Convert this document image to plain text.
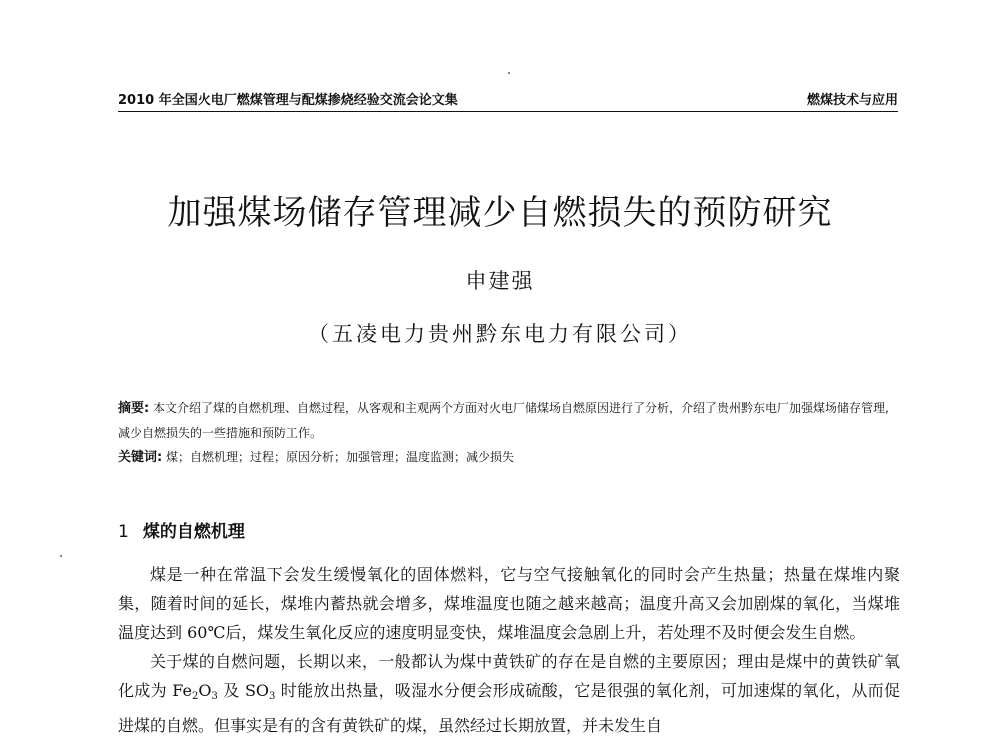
2010 年全国火电厂燃煤管理与配煤掺烧经验交流会论文集	燃煤技术与应用
加强煤场储存管理减少自燃损失的预防研究
申建强
（五凌电力贵州黔东电力有限公司）

摘要: 本文介绍了煤的自燃机理、自燃过程，从客观和主观两个方面对火电厂储煤场自燃原因进行了分析，介绍了贵州黔东电厂加强煤场储存管理,减少自燃损失的一些措施和预防工作。

关键词: 煤；自燃机理；过程；原因分析；加强管理；温度监测；减少损失

1 煤的自燃机理

煤是一种在常温下会发生缓慢氧化的固体燃料，它与空气接触氧化的同时会产生热量；热量在煤堆内聚集，随着时间的延长，煤堆内蓄热就会增多，煤堆温度也随之越来越高；温度升高又会加剧煤的氧化，当煤堆温度达到 60℃后，煤发生氧化反应的速度明显变快，煤堆温度会急剧上升，若处理不及时便会发生自燃。

关于煤的自燃问题，长期以来，一般都认为煤中黄铁矿的存在是自燃的主要原因；理由是煤中的黄铁矿氧化成为 $Fe_2O_3$ 及 $SO_3$ 时能放出热量，吸湿水分便会形成硫酸，它是很强的氧化剂，可加速煤的氧化，从而促进煤的自燃。但事实是有的含有黄铁矿的煤，虽然经过长期放置，并未发生自
